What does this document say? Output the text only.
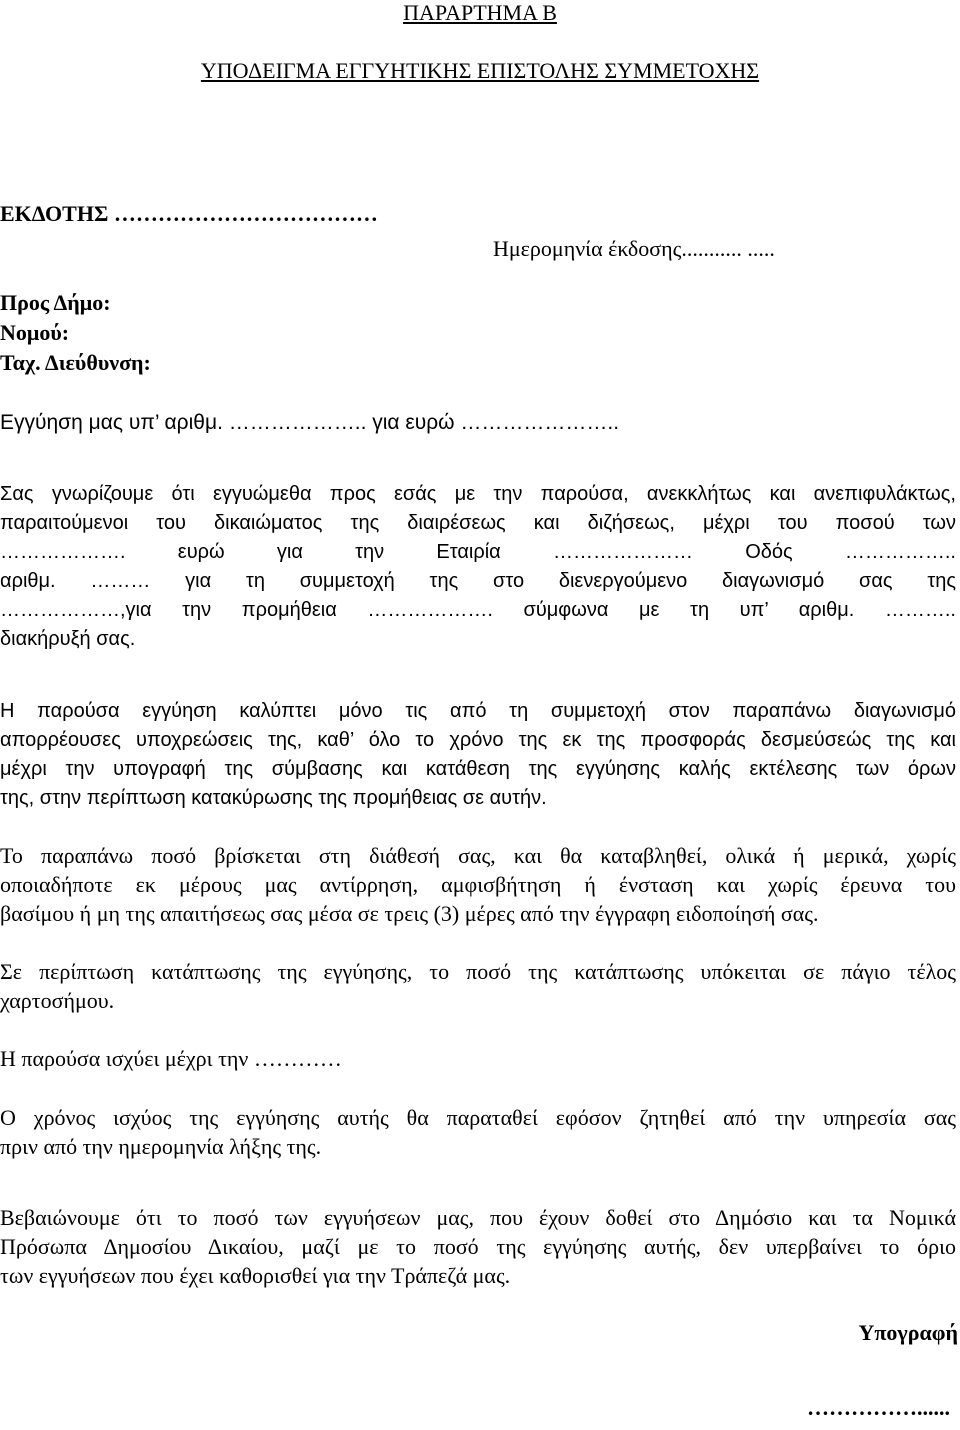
ΠΑΡΑΡΤΗΜΑ Β
ΥΠΟΔΕΙΓΜΑ ΕΓΓΥΗΤΙΚΗΣ ΕΠΙΣΤΟΛΗΣ ΣΥΜΜΕΤΟΧΗΣ
ΕΚΔΟΤΗΣ ………………………………
Ημερομηνία έκδοσης........... .....
Προς Δήμο:
Νομού:
Ταχ. Διεύθυνση:
Εγγύηση μας υπ’ αριθμ. ……………….. για ευρώ …………………..
Σας γνωρίζουμε ότι εγγυώμεθα προς εσάς με την παρούσα, ανεκκλήτως και ανεπιφυλάκτως,
παραιτούμενοι του δικαιώματος της διαιρέσεως και διζήσεως, μέχρι του ποσού των
………………. ευρώ για την Εταιρία ………………… Οδός ……………..
αριθμ. ……… για τη συμμετοχή της στο διενεργούμενο διαγωνισμό σας της
………………,για την προμήθεια ………………. σύμφωνα με τη υπ’ αριθμ. ………..
διακήρυξή σας.
Η παρούσα εγγύηση καλύπτει μόνο τις από τη συμμετοχή στον παραπάνω διαγωνισμό
απορρέουσες υποχρεώσεις της, καθ’ όλο το χρόνο της εκ της προσφοράς δεσμεύσεώς της και
μέχρι την υπογραφή της σύμβασης και κατάθεση της εγγύησης καλής εκτέλεσης των όρων
της, στην περίπτωση κατακύρωσης της προμήθειας σε αυτήν.
Το παραπάνω ποσό βρίσκεται στη διάθεσή σας, και θα καταβληθεί, ολικά ή μερικά, χωρίς
οποιαδήποτε εκ μέρους μας αντίρρηση, αμφισβήτηση ή ένσταση και χωρίς έρευνα του
βασίμου ή μη της απαιτήσεως σας μέσα σε τρεις (3) μέρες από την έγγραφη ειδοποίησή σας.
Σε περίπτωση κατάπτωσης της εγγύησης, το ποσό της κατάπτωσης υπόκειται σε πάγιο τέλος
χαρτοσήμου.
Η παρούσα ισχύει μέχρι την …………
Ο χρόνος ισχύος της εγγύησης αυτής θα παραταθεί εφόσον ζητηθεί από την υπηρεσία σας
πριν από την ημερομηνία λήξης της.
Βεβαιώνουμε ότι το ποσό των εγγυήσεων μας, που έχουν δοθεί στο Δημόσιο και τα Νομικά
Πρόσωπα Δημοσίου Δικαίου, μαζί με το ποσό της εγγύησης αυτής, δεν υπερβαίνει το όριο
των εγγυήσεων που έχει καθορισθεί για την Τράπεζά μας.
Υπογραφή
……………......
